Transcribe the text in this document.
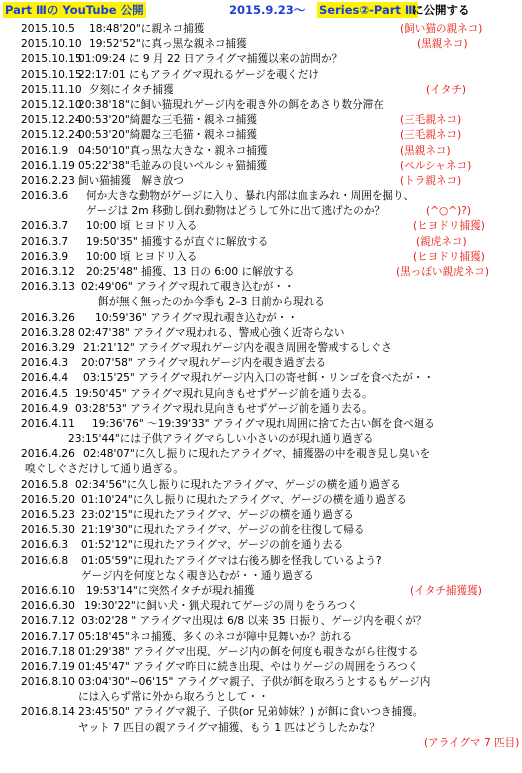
Part Ⅲの YouTube 公開	2015.9.23～ Series②-Part Ⅲ
に公開する
2015.10.5 18:48'20"に親ネコ捕獲	(飼い猫の親ネコ)
2015.10.10 19:52'52"に真っ黒な親ネコ捕獲	(黒親ネコ)
2015.10.15
01:09:24 に 9 月 22 日アライグマ捕獲以来の訪問か？
2015.10.15
22:17:01 にもアライグマ現れるゲージを覗くだけ
2015.11.10 夕刻にイタチ捕獲	(イタチ)
2015.12.10
20:38'18"に飼い猫現れゲージ内を覗き外の餌をあさり数分滞在
2015.12.24
00:53'20"綺麗な三毛猫・親ネコ捕獲	(三毛親ネコ)
2015.12.24
00:53'20"綺麗な三毛猫・親ネコ捕獲	(三毛親ネコ)
2016.1.9 04:50'10"真っ黒な大きな・親ネコ捕獲	(黒親ネコ)
2016.1.19 05:22'38"毛並みの良いペルシャ猫捕獲	(ペルシャネコ)
2016.2.23 飼い猫捕獲　解き放つ	(トラ親ネコ)
2016.3.6 何か大きな動物がゲージに入り、暴れ内部は血まみれ・周囲を掘り、
ゲージは 2m 移動し倒れ動物はどうして外に出て逃げたのか？	(^○^)?)
2016.3.7 10:00 頃 ヒヨドリ入る	(ヒヨドリ捕獲)
2016.3.7 19:50'35" 捕獲するが直ぐに解放する	(親虎ネコ)
2016.3.9 10:00 頃 ヒヨドリ入る	(ヒヨドリ捕獲)
2016.3.12 20:25'48" 捕獲、13 日の 6:00 に解放する	(黒っぽい親虎ネコ)
2016.3.13 02:49'06" アライグマ現れて覗き込むが・・
餌が無く無ったのか今季も 2–3 日前から現れる
2016.3.26 10:59'36" アライグマ現れ覗き込むが・・
2016.3.28 02:47'38" アライグマ現われる、警戒心強く近寄らない
2016.3.29 21:21'12" アライグマ現れゲージ内を覗き周囲を警戒するしぐさ
2016.4.3 20:07'58" アライグマ現れゲージ内を覗き過ぎ去る
2016.4.4 03:15'25" アライグマ現れゲージ内入口の寄せ餌・リンゴを食べたが・・
2016.4.5 19:50'45" アライグマ現れ見向きもせずゲージ前を通り去る。
2016.4.9 03:28'53" アライグマ現れ見向きもせずゲージ前を通り去る。
2016.4.11 19:36'76" ～19:39'33" アライグマ現れ周囲に捨てた古い餌を食べ廻る
23:15'44"には子供アライグマらしい小さいのが現れ通り過ぎる
2016.4.26 02:48'07"に久し振りに現れたアライグマ、捕獲器の中を覗き見し臭いを
嗅ぐしぐさだけして通り過ぎる。
2016.5.8 02:34'56"に久し振りに現れたアライグマ、ゲージの横を通り過ぎる
2016.5.20 01:10'24"に久し振りに現れたアライグマ、ゲージの横を通り過ぎる
2016.5.23 23:02'15"に現れたアライグマ、ゲージの横を通り過ぎる
2016.5.30 21:19'30"に現れたアライグマ、ゲージの前を往復して帰る
2016.6.3 01:52'12"に現れたアライグマ、ゲージの前を通り去る
2016.6.8 01:05'59"に現れたアライグマは右後ろ脚を怪我しているよう?
ゲージ内を何度となく覗き込むが・・通り過ぎる
2016.6.10 19:53'14"に突然イタチが現れ捕獲	(イタチ捕獲獲)
2016.6.30 19:30'22"に飼い犬・猟犬現れてゲージの周りをうろつく
2016.7.12 03:02'28 " アライグマ出現は 6/8 以来 35 日振り、ゲージ内を覗くが？
2016.7.17 05:18'45"ネコ捕獲、多くのネコが障中見舞いか？訪れる
2016.7.18 01:29'38" アライグマ出現、ゲージ内の餌を何度も覗きながら往復する
2016.7.19 01:45'47" アライグマ昨日に続き出現、やはりゲージの周囲をうろつく
2016.8.10 03:04'30"~06'15" アライグマ親子、子供が餌を取ろうとするもゲージ内
には入らず常に外から取ろうとして・・
2016.8.14 23:45'50" アライグマ親子、子供(or 兄弟姉妹？) が餌に食いつき捕獲。
ヤット 7 匹目の親アライグマ捕獲、もう 1 匹はどうしたかな？
(アライグマ 7 匹目)
